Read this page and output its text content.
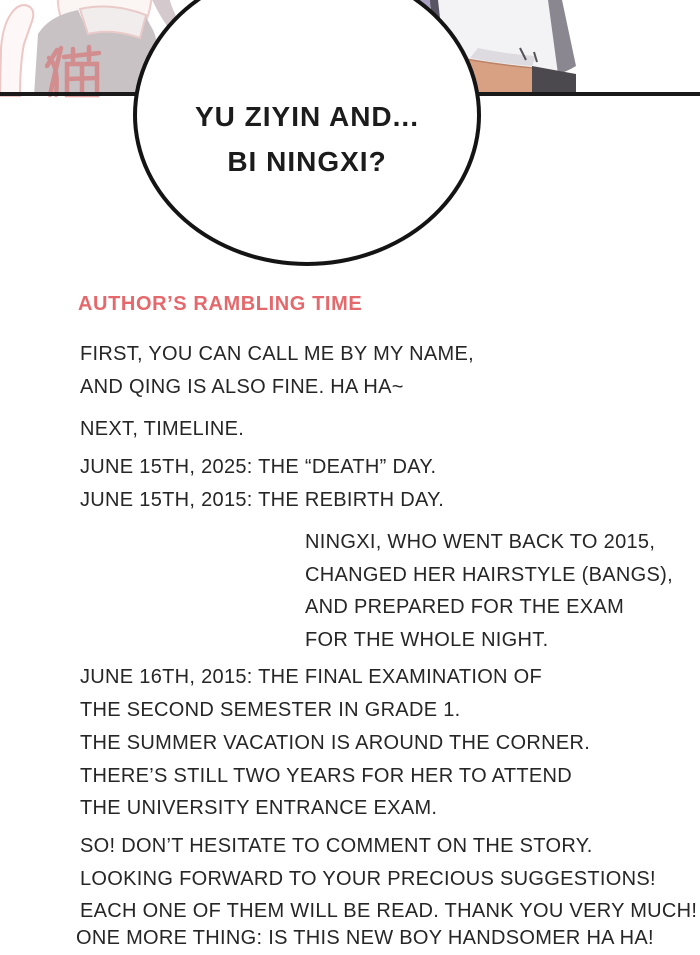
YU ZIYIN AND...
BI NINGXI?
AUTHOR’S RAMBLING TIME
FIRST, YOU CAN CALL ME BY MY NAME,
AND QING IS ALSO FINE. HA HA~
NEXT, TIMELINE.
JUNE 15TH, 2025: THE “DEATH” DAY.
JUNE 15TH, 2015: THE REBIRTH DAY.
NINGXI, WHO WENT BACK TO 2015,
CHANGED HER HAIRSTYLE (BANGS),
AND PREPARED FOR THE EXAM
FOR THE WHOLE NIGHT.
JUNE 16TH, 2015: THE FINAL EXAMINATION OF
THE SECOND SEMESTER IN GRADE 1.
THE SUMMER VACATION IS AROUND THE CORNER.
THERE’S STILL TWO YEARS FOR HER TO ATTEND
THE UNIVERSITY ENTRANCE EXAM.
SO! DON’T HESITATE TO COMMENT ON THE STORY.
LOOKING FORWARD TO YOUR PRECIOUS SUGGESTIONS!
EACH ONE OF THEM WILL BE READ. THANK YOU VERY MUCH!
ONE MORE THING: IS THIS NEW BOY HANDSOMER HA HA!
